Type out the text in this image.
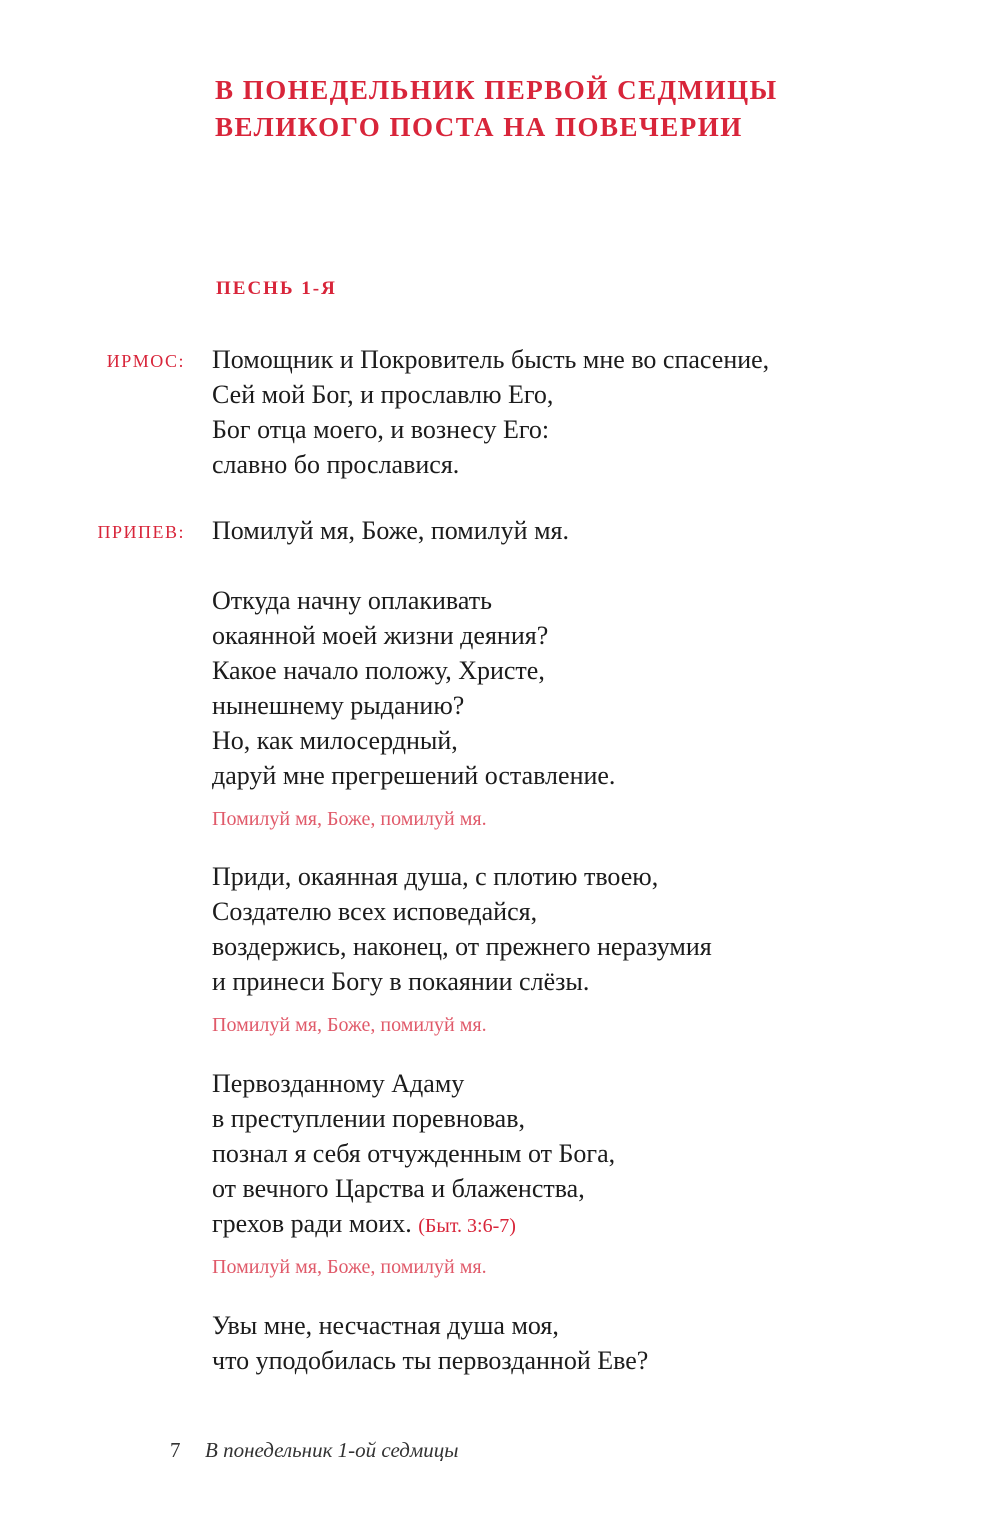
В ПОНЕДЕЛЬНИК ПЕРВОЙ СЕДМИЦЫ
ВЕЛИКОГО ПОСТА НА ПОВЕЧЕРИИ
ПЕСНЬ 1-Я
ИРМОС: Помощник и Покровитель бысть мне во спасение,
Сей мой Бог, и прославлю Его,
Бог отца моего, и вознесу Его:
славно бо прославися.
ПРИПЕВ: Помилуй мя, Боже, помилуй мя.
Откуда начну оплакивать
окаянной моей жизни деяния?
Какое начало положу, Христе,
нынешнему рыданию?
Но, как милосердный,
даруй мне прегрешений оставление.
Помилуй мя, Боже, помилуй мя.
Приди, окаянная душа, с плотию твоею,
Создателю всех исповедайся,
воздержись, наконец, от прежнего неразумия
и принеси Богу в покаянии слёзы.
Помилуй мя, Боже, помилуй мя.
Первозданному Адаму
в преступлении поревновав,
познал я себя отчужденным от Бога,
от вечного Царства и блаженства,
грехов ради моих. (Быт. 3:6-7)
Помилуй мя, Боже, помилуй мя.
Увы мне, несчастная душа моя,
что уподобилась ты первозданной Еве?
7 В понедельник 1-ой седмицы
